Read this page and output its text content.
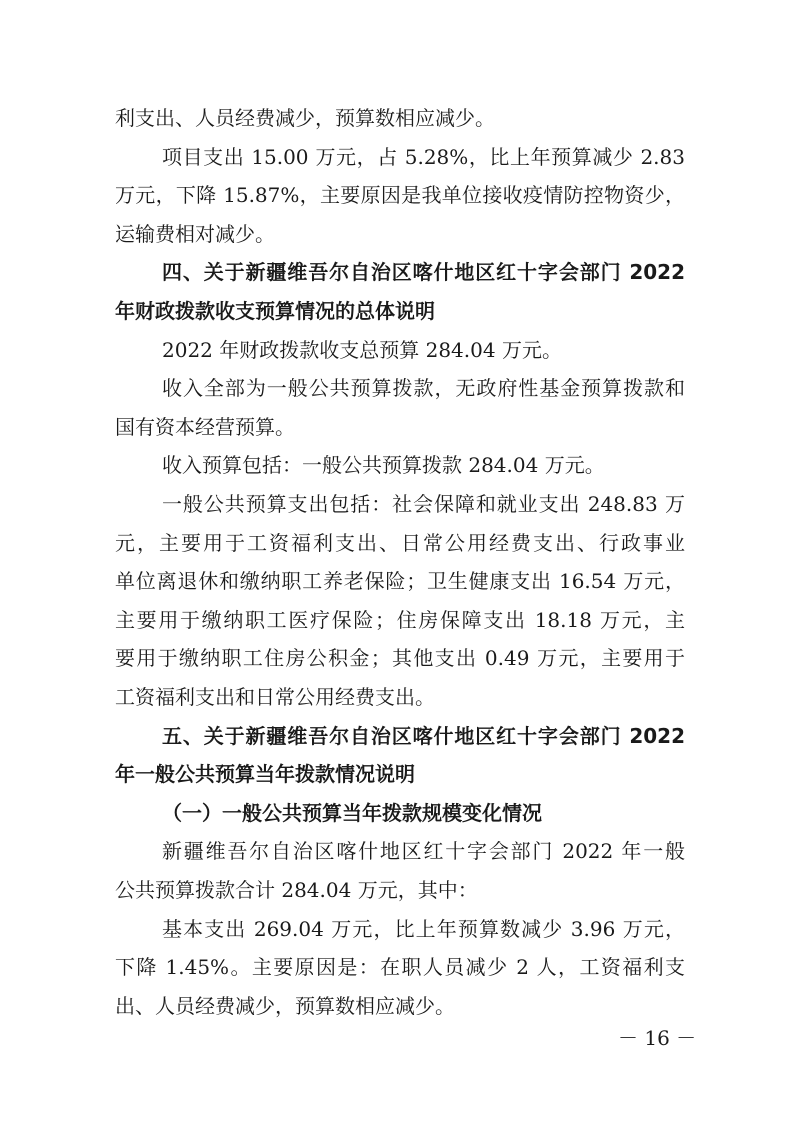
利支出、人员经费减少，预算数相应减少。
项目支出 15.00 万元，占 5.28%，比上年预算减少 2.83
万元，下降 15.87%，主要原因是我单位接收疫情防控物资少，
运输费相对减少。
四、关于新疆维吾尔自治区喀什地区红十字会部门 2022
年财政拨款收支预算情况的总体说明
2022 年财政拨款收支总预算 284.04 万元。
收入全部为一般公共预算拨款，无政府性基金预算拨款和
国有资本经营预算。
收入预算包括：一般公共预算拨款 284.04 万元。
一般公共预算支出包括：社会保障和就业支出 248.83 万
元，主要用于工资福利支出、日常公用经费支出、行政事业
单位离退休和缴纳职工养老保险；卫生健康支出 16.54 万元，
主要用于缴纳职工医疗保险；住房保障支出 18.18 万元，主
要用于缴纳职工住房公积金；其他支出 0.49 万元，主要用于
工资福利支出和日常公用经费支出。
五、关于新疆维吾尔自治区喀什地区红十字会部门 2022
年一般公共预算当年拨款情况说明
（一）一般公共预算当年拨款规模变化情况
新疆维吾尔自治区喀什地区红十字会部门 2022 年一般
公共预算拨款合计 284.04 万元，其中：
基本支出 269.04 万元，比上年预算数减少 3.96 万元，
下降 1.45%。主要原因是：在职人员减少 2 人，工资福利支
出、人员经费减少，预算数相应减少。
－ 16 －
